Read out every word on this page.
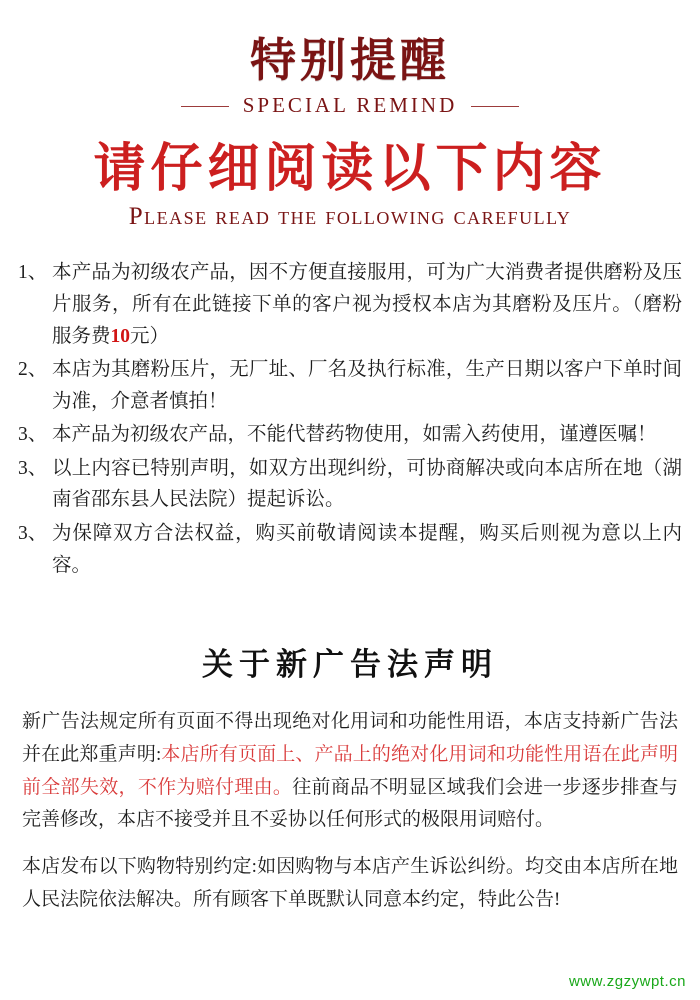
特别提醒
SPECIAL REMIND
请仔细阅读以下内容
Please read the following carefully
1、 本产品为初级农产品，因不方便直接服用，可为广大消费者提供磨粉及压片服务，所有在此链接下单的客户视为授权本店为其磨粉及压片。（磨粉服务费10元）
2、 本店为其磨粉压片，无厂址、厂名及执行标准，生产日期以客户下单时间为准，介意者慎拍！
3、 本产品为初级农产品，不能代替药物使用，如需入药使用，谨遵医嘱！
3、 以上内容已特别声明，如双方出现纠纷，可协商解决或向本店所在地（湖南省邵东县人民法院）提起诉讼。
3、 为保障双方合法权益，购买前敬请阅读本提醒，购买后则视为意以上内容。
关于新广告法声明

新广告法规定所有页面不得出现绝对化用词和功能性用语，本店支持新广告法并在此郑重声明:本店所有页面上、产品上的绝对化用词和功能性用语在此声明前全部失效，不作为赔付理由。往前商品不明显区域我们会进一步逐步排查与完善修改，本店不接受并且不妥协以任何形式的极限用词赔付。

本店发布以下购物特别约定:如因购物与本店产生诉讼纠纷。均交由本店所在地人民法院依法解决。所有顾客下单既默认同意本约定，特此公告!

www.zgzywpt.cn
